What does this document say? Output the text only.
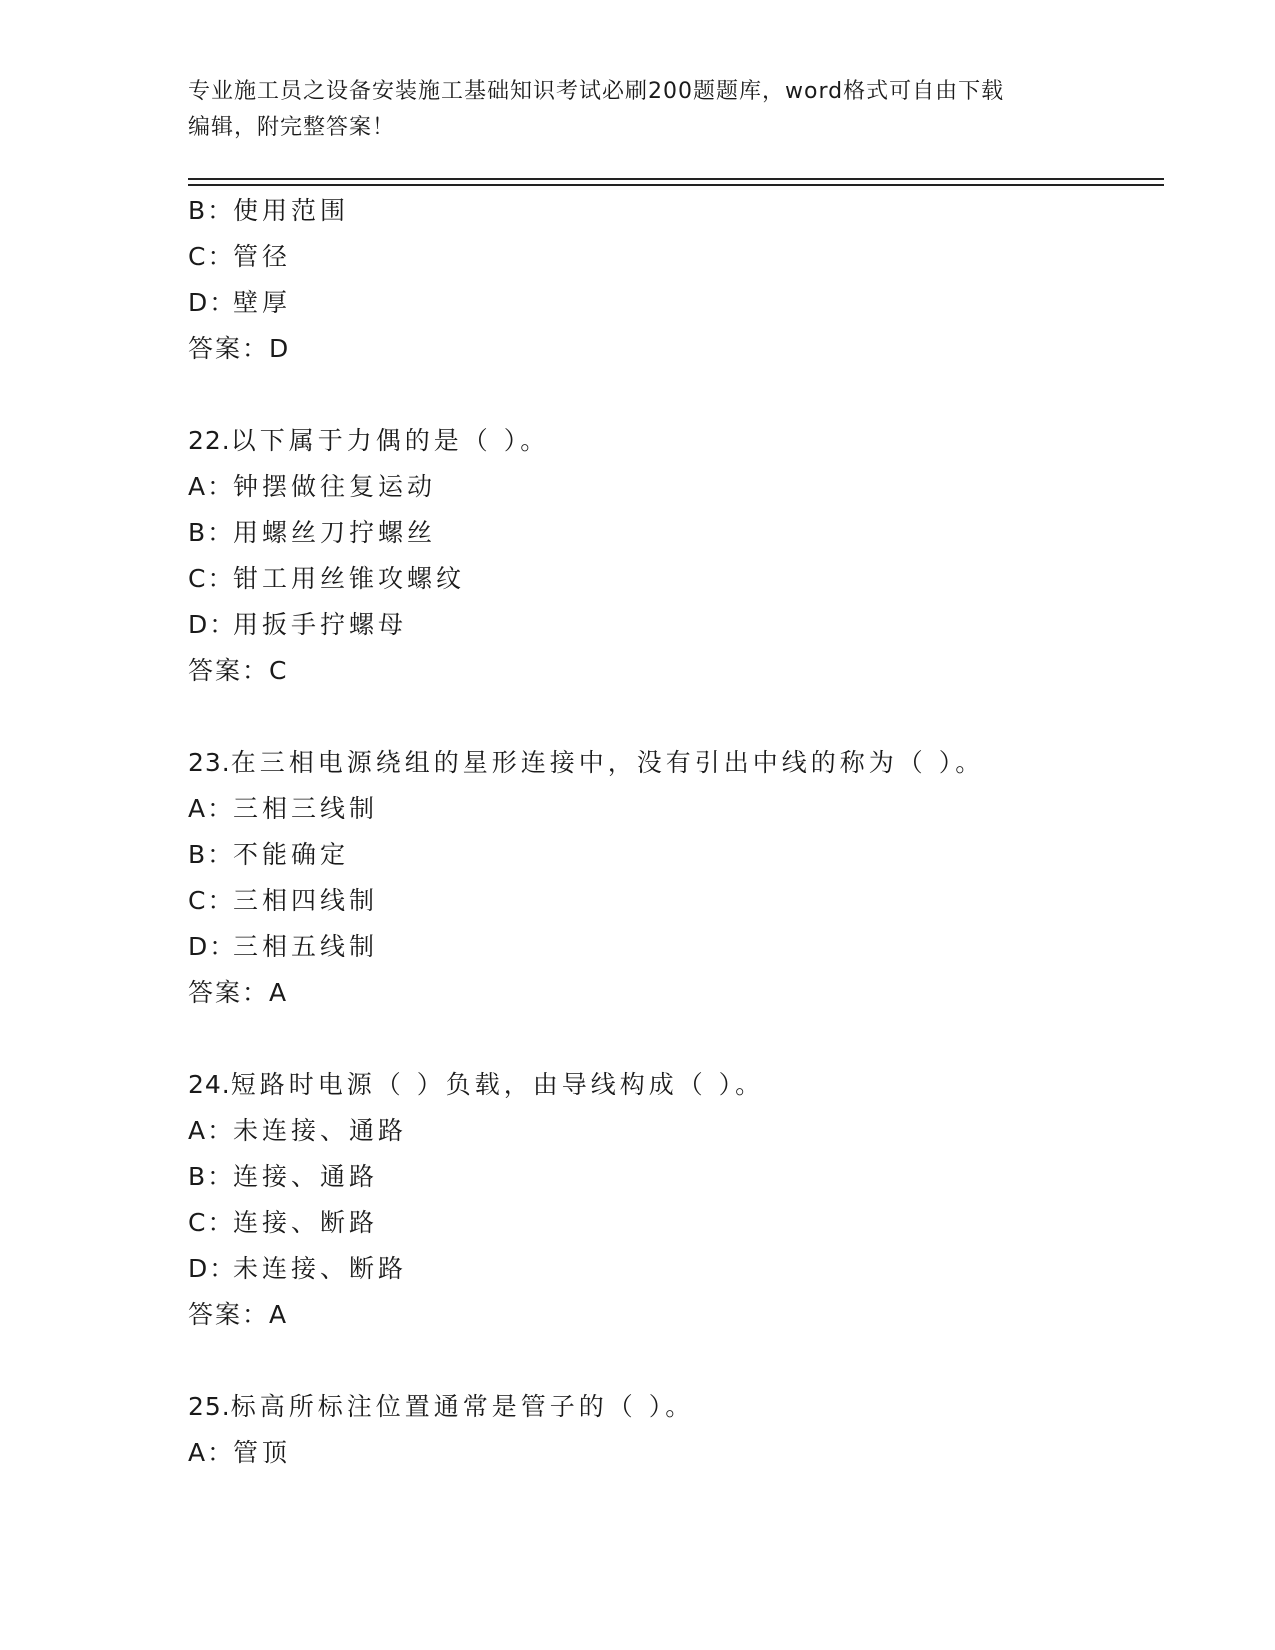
专业施工员之设备安装施工基础知识考试必刷200题题库，word格式可自由下载
编辑，附完整答案！
B：使用范围
C：管径
D：壁厚
答案：D
22.以下属于力偶的是（ ）。
A：钟摆做往复运动
B：用螺丝刀拧螺丝
C：钳工用丝锥攻螺纹
D：用扳手拧螺母
答案：C
23.在三相电源绕组的星形连接中，没有引出中线的称为（ ）。
A：三相三线制
B：不能确定
C：三相四线制
D：三相五线制
答案：A
24.短路时电源（ ）负载，由导线构成（ ）。
A：未连接、通路
B：连接、通路
C：连接、断路
D：未连接、断路
答案：A
25.标高所标注位置通常是管子的（ ）。
A：管顶
